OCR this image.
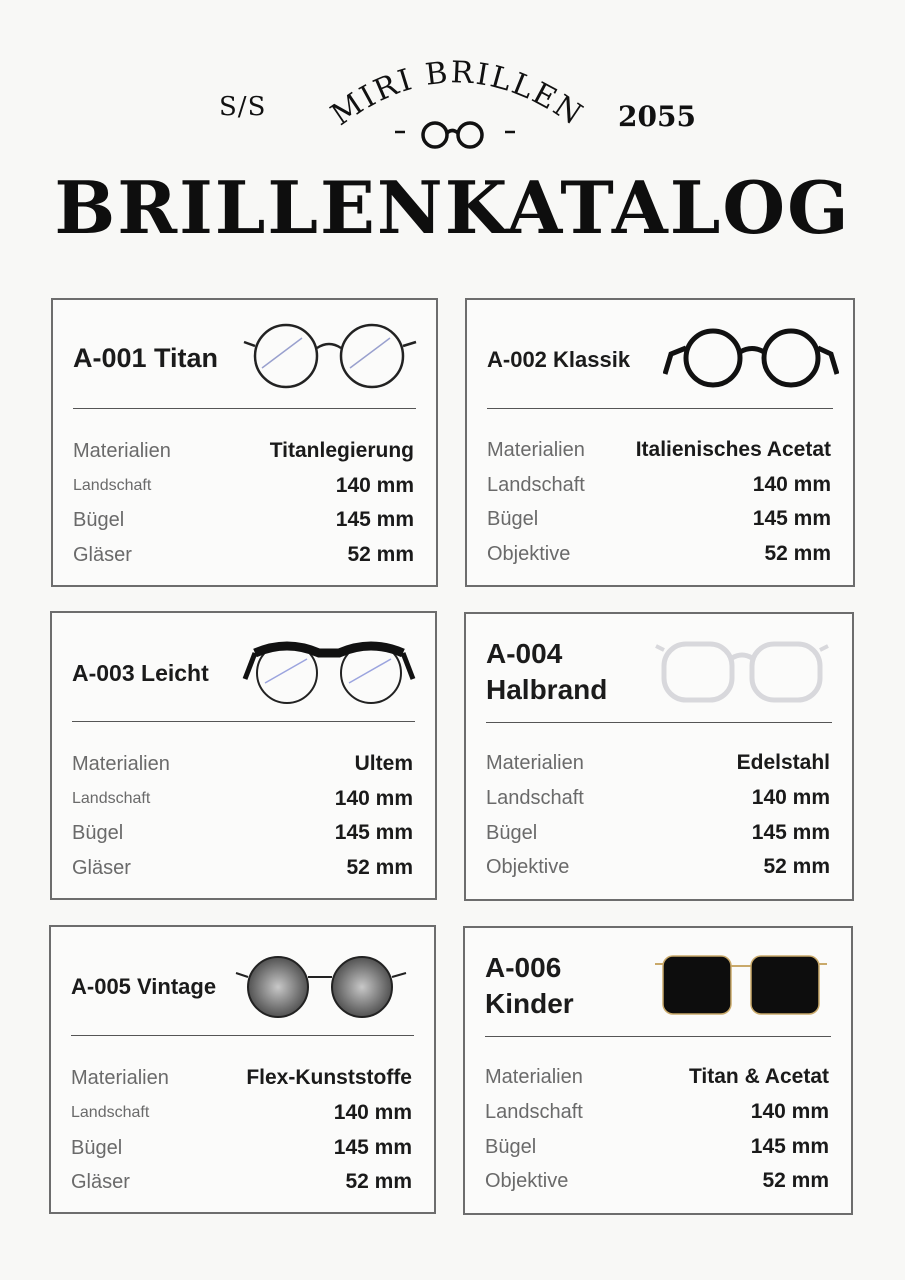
S/S MIRI BRILLEN 2055
BRILLENKATALOG
A-001 Titan
Materialien	Titanlegierung
Landschaft	140 mm
Bügel	145 mm
Gläser	52 mm
A-002 Klassik
Materialien Italienisches Acetat
Landschaft	140 mm
Bügel	145 mm
Objektive	52 mm
A-003 Leicht
Materialien	Ultem
Landschaft	140 mm
Bügel	145 mm
Gläser	52 mm
A-004
Halbrand
Materialien	Edelstahl
Landschaft	140 mm
Bügel	145 mm
Objektive	52 mm
A-005 Vintage
Materialien	Flex-Kunststoffe
Landschaft	140 mm
Bügel	145 mm
Gläser	52 mm
A-006
Kinder
Materialien	Titan & Acetat
Landschaft	140 mm
Bügel	145 mm
Objektive	52 mm
